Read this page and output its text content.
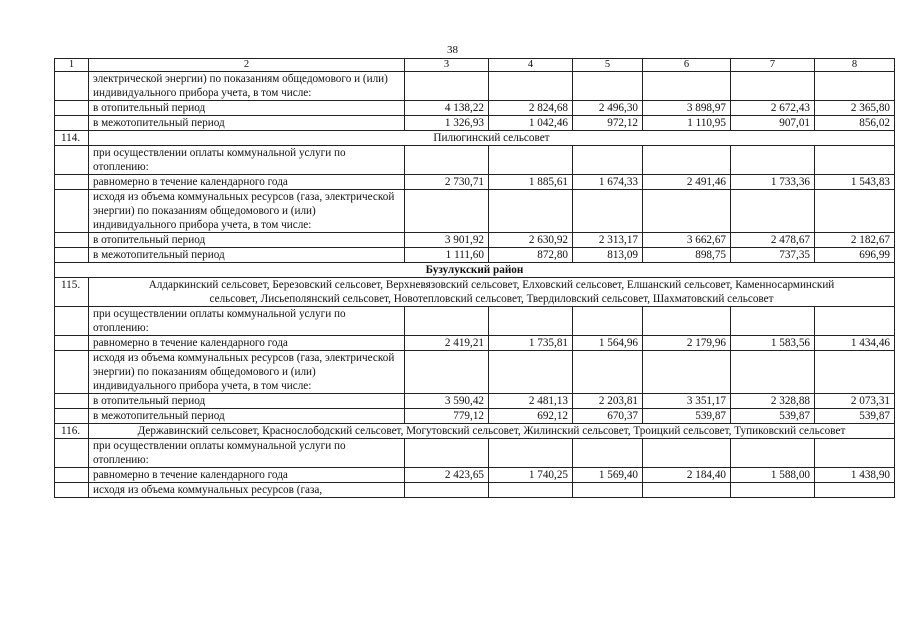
38
1	2	3	4	5	6	7	8
	электрической энергии) по показаниям общедомового и (или) индивидуального прибора учета, в том числе:						
	в отопительный период	4 138,22	2 824,68	2 496,30	3 898,97	2 672,43	2 365,80
	в межотопительный период	1 326,93	1 042,46	972,12	1 110,95	907,01	856,02
114.	Пилюгинский сельсовет						
	при осуществлении оплаты коммунальной услуги по отоплению:						
	равномерно в течение календарного года	2 730,71	1 885,61	1 674,33	2 491,46	1 733,36	1 543,83
	исходя из объема коммунальных ресурсов (газа, электрической энергии) по показаниям общедомового и (или) индивидуального прибора учета, в том числе:						
	в отопительный период	3 901,92	2 630,92	2 313,17	3 662,67	2 478,67	2 182,67
	в межотопительный период	1 111,60	872,80	813,09	898,75	737,35	696,99
Бузулукский район							
115.	Алдаркинский сельсовет, Березовский сельсовет, Верхневязовский сельсовет, Елховский сельсовет, Елшанский сельсовет, Каменносарминский сельсовет, Лисьеполянский сельсовет, Новотепловский сельсовет, Твердиловский сельсовет, Шахматовский сельсовет						
	при осуществлении оплаты коммунальной услуги по отоплению:						
	равномерно в течение календарного года	2 419,21	1 735,81	1 564,96	2 179,96	1 583,56	1 434,46
	исходя из объема коммунальных ресурсов (газа, электрической энергии) по показаниям общедомового и (или) индивидуального прибора учета, в том числе:						
	в отопительный период	3 590,42	2 481,13	2 203,81	3 351,17	2 328,88	2 073,31
	в межотопительный период	779,12	692,12	670,37	539,87	539,87	539,87
116.	Державинский сельсовет, Краснослободский сельсовет, Могутовский сельсовет, Жилинский сельсовет, Троицкий сельсовет, Тупиковский сельсовет						
	при осуществлении оплаты коммунальной услуги по отоплению:						
	равномерно в течение календарного года	2 423,65	1 740,25	1 569,40	2 184,40	1 588,00	1 438,90
	исходя из объема коммунальных ресурсов (газа,						
